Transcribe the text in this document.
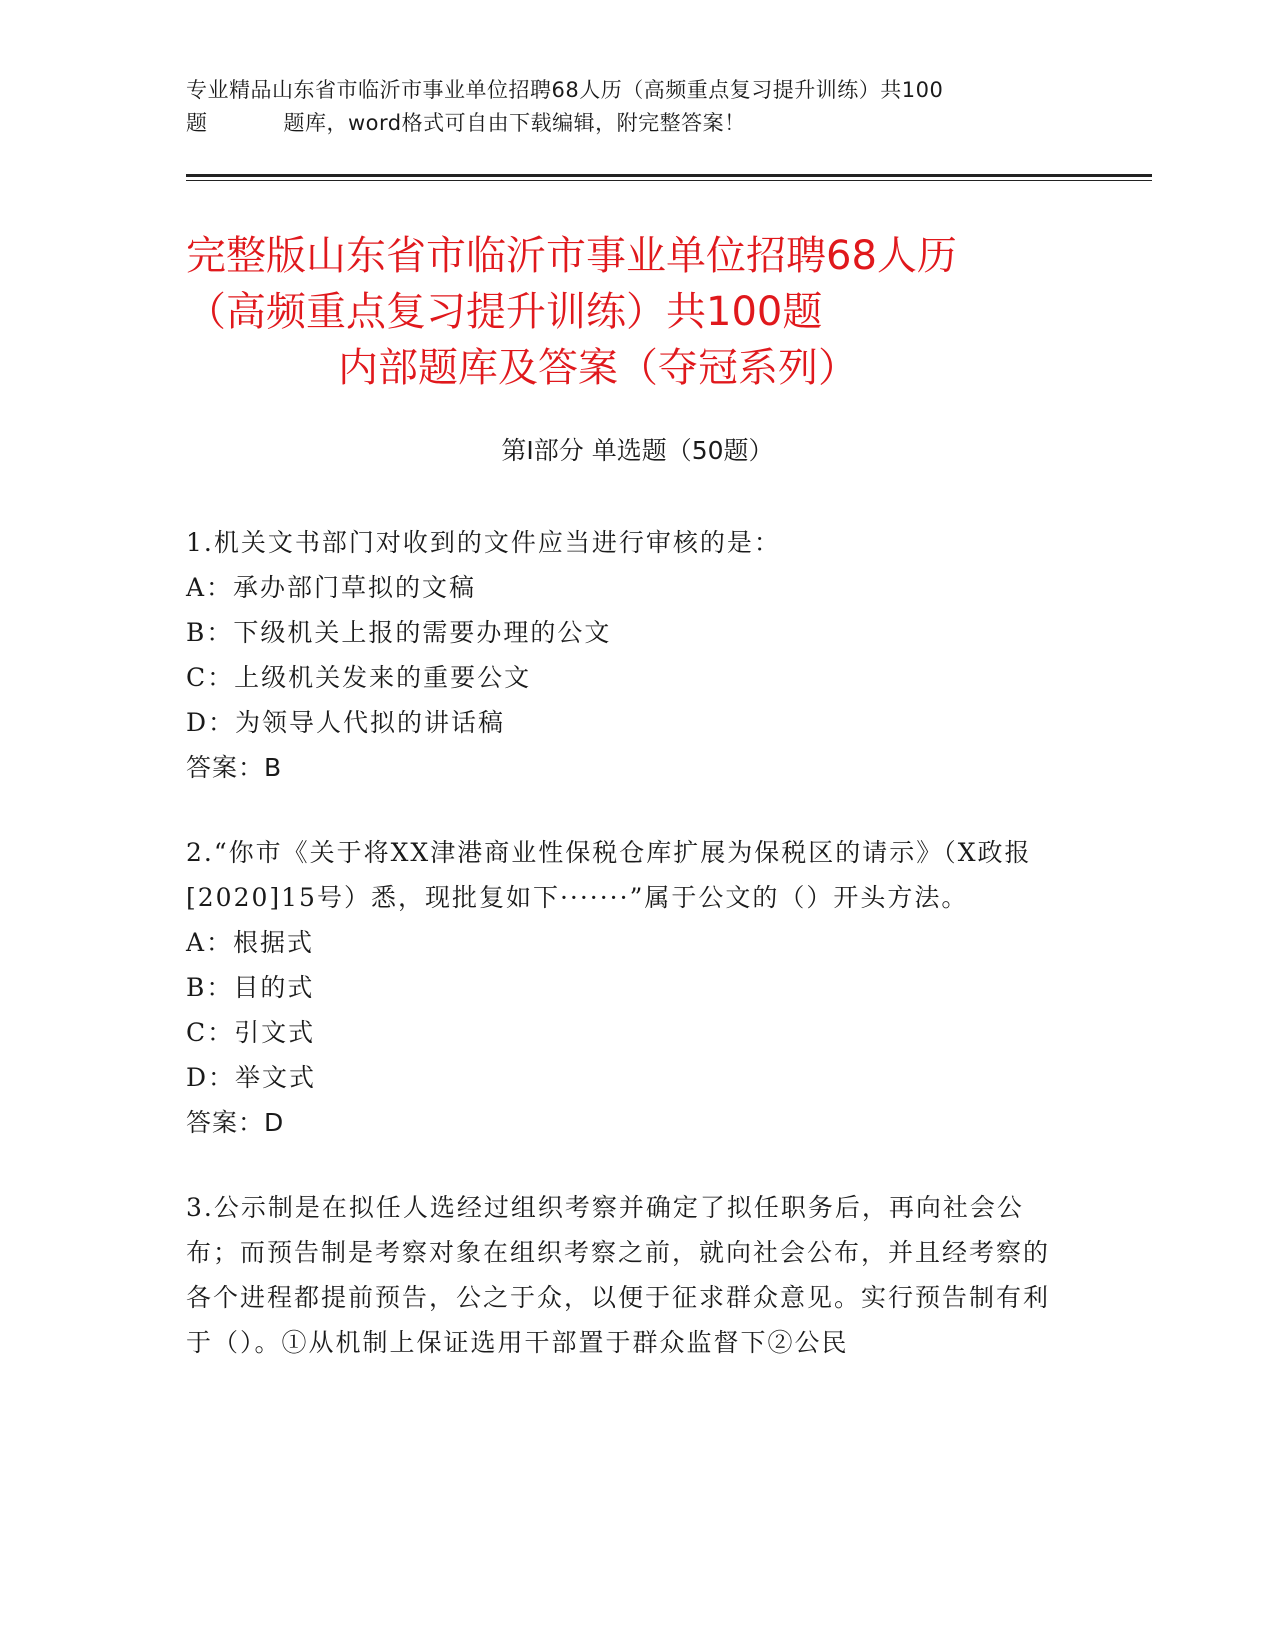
专业精品山东省市临沂市事业单位招聘68人历（高频重点复习提升训练）共100
题	题库，word格式可自由下载编辑，附完整答案！
完整版山东省市临沂市事业单位招聘68人历
（高频重点复习提升训练）共100题
内部题库及答案（夺冠系列）
第Ⅰ部分 单选题（50题）
1.机关文书部门对收到的文件应当进行审核的是：
A：承办部门草拟的文稿
B：下级机关上报的需要办理的公文
C：上级机关发来的重要公文
D：为领导人代拟的讲话稿
答案：B
2.“你市《关于将XX津港商业性保税仓库扩展为保税区的请示》（X政报[2020]15号）悉，现批复如下·······”属于公文的（）开头方法。
A：根据式
B：目的式
C：引文式
D：举文式
答案：D
3.公示制是在拟任人选经过组织考察并确定了拟任职务后，再向社会公布；而预告制是考察对象在组织考察之前，就向社会公布，并且经考察的各个进程都提前预告，公之于众，以便于征求群众意见。实行预告制有利于（）。①从机制上保证选用干部置于群众监督下②公民
